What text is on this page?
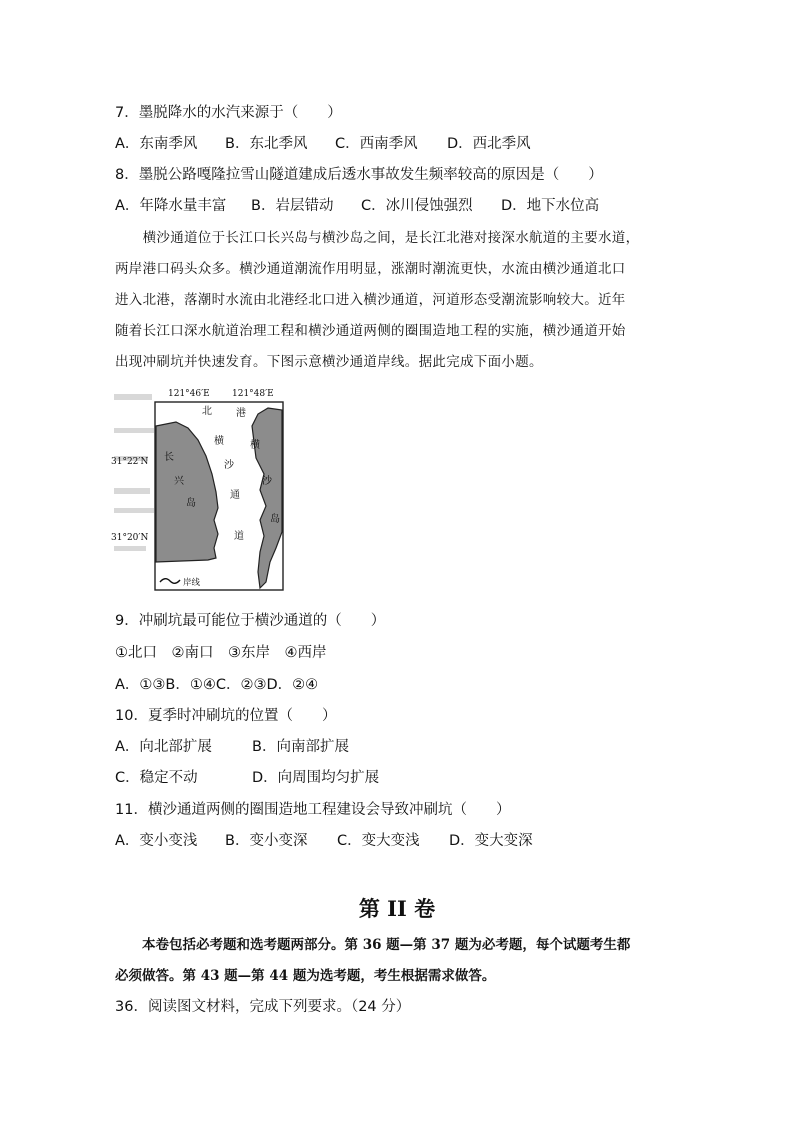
7．墨脱降水的水汽来源于（　　）
A．东南季风 B．东北季风 C．西南季风 D．西北季风
8．墨脱公路嘎隆拉雪山隧道建成后透水事故发生频率较高的原因是（　　）
A．年降水量丰富 B．岩层错动 C．冰川侵蚀强烈 D．地下水位高
　　横沙通道位于长江口长兴岛与横沙岛之间，是长江北港对接深水航道的主要水道，
两岸港口码头众多。横沙通道潮流作用明显，涨潮时潮流更快，水流由横沙通道北口
进入北港，落潮时水流由北港经北口进入横沙通道，河道形态受潮流影响较大。近年
随着长江口深水航道治理工程和横沙通道两侧的圈围造地工程的实施，横沙通道开始
出现冲刷坑并快速发育。下图示意横沙通道岸线。据此完成下面小题。
121°46′E 121°48′E
31°22′N
31°20′N
北 港
长
兴
岛
横
沙
通
道
横
沙
岛
岸线
9．冲刷坑最可能位于横沙通道的（　　）
①北口　②南口　③东岸　④西岸
A．①③B．①④C．②③D．②④
10．夏季时冲刷坑的位置（　　）
A．向北部扩展	B．向南部扩展
C．稳定不动	D．向周围均匀扩展
11．横沙通道两侧的圈围造地工程建设会导致冲刷坑（　　）
A．变小变浅 B．变小变深 C．变大变浅 D．变大变深
第 II 卷
　　本卷包括必考题和选考题两部分。第 36 题—第 37 题为必考题，每个试题考生都
必须做答。第 43 题—第 44 题为选考题，考生根据需求做答。
36．阅读图文材料，完成下列要求。（24 分）
